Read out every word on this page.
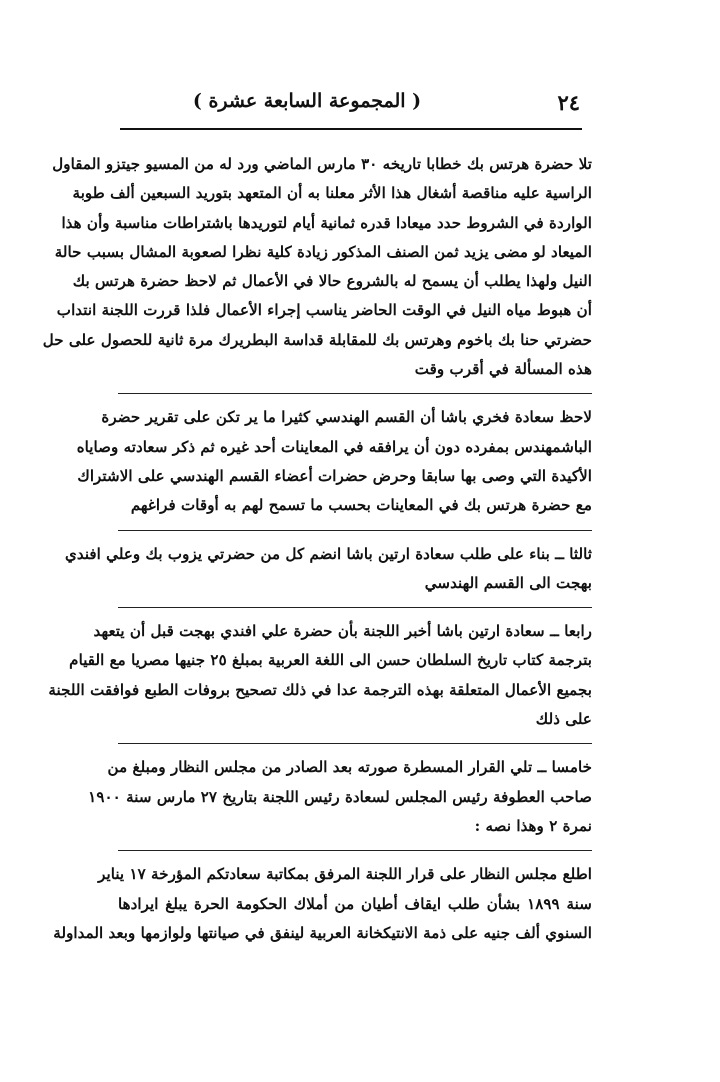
٢٤
( المجموعة السابعة عشرة )
تلا حضرة هرتس بك خطابا تاريخه ٣٠ مارس الماضي ورد له من المسيو جيتزو المقاول
الراسية عليه مناقصة أشغال هذا الأثر معلنا به أن المتعهد بتوريد السبعين ألف طوبة
الواردة في الشروط حدد ميعادا قدره ثمانية أيام لتوريدها باشتراطات مناسبة وأن هذا
الميعاد لو مضى يزيد ثمن الصنف المذكور زيادة كلية نظرا لصعوبة المشال بسبب حالة
النيل ولهذا يطلب أن يسمح له بالشروع حالا في الأعمال ثم لاحظ حضرة هرتس بك
أن هبوط مياه النيل في الوقت الحاضر يناسب إجراء الأعمال فلذا قررت اللجنة انتداب
حضرتي حنا بك باخوم وهرتس بك للمقابلة قداسة البطريرك مرة ثانية للحصول على حل
هذه المسألة في أقرب وقت
لاحظ سعادة فخري باشا أن القسم الهندسي كثيرا ما ير تكن على تقرير حضرة
الباشمهندس بمفرده دون أن يرافقه في المعاينات أحد غيره ثم ذكر سعادته وصاياه
الأكيدة التي وصى بها سابقا وحرض حضرات أعضاء القسم الهندسي على الاشتراك
مع حضرة هرتس بك في المعاينات بحسب ما تسمح لهم به أوقات فراغهم
ثالثا ــ بناء على طلب سعادة ارتين باشا انضم كل من حضرتي يزوب بك وعلي افندي
بهجت الى القسم الهندسي
رابعا ــ سعادة ارتين باشا أخبر اللجنة بأن حضرة علي افندي بهجت قبل أن يتعهد
بترجمة كتاب تاريخ السلطان حسن الى اللغة العربية بمبلغ ٢٥ جنيها مصريا مع القيام
بجميع الأعمال المتعلقة بهذه الترجمة عدا في ذلك تصحيح بروفات الطبع فوافقت اللجنة
على ذلك
خامسا ــ تلي القرار المسطرة صورته بعد الصادر من مجلس النظار ومبلغ من
صاحب العطوفة رئيس المجلس لسعادة رئيس اللجنة بتاريخ ٢٧ مارس سنة ١٩٠٠
نمرة ٢ وهذا نصه :
اطلع مجلس النظار على قرار اللجنة المرفق بمكاتبة سعادتكم المؤرخة ١٧ يناير
سنة ١٨٩٩ بشأن طلب ايقاف أطيان من أملاك الحكومة الحرة يبلغ ايرادها
السنوي ألف جنيه على ذمة الانتيكخانة العربية لينفق في صيانتها ولوازمها وبعد المداولة
